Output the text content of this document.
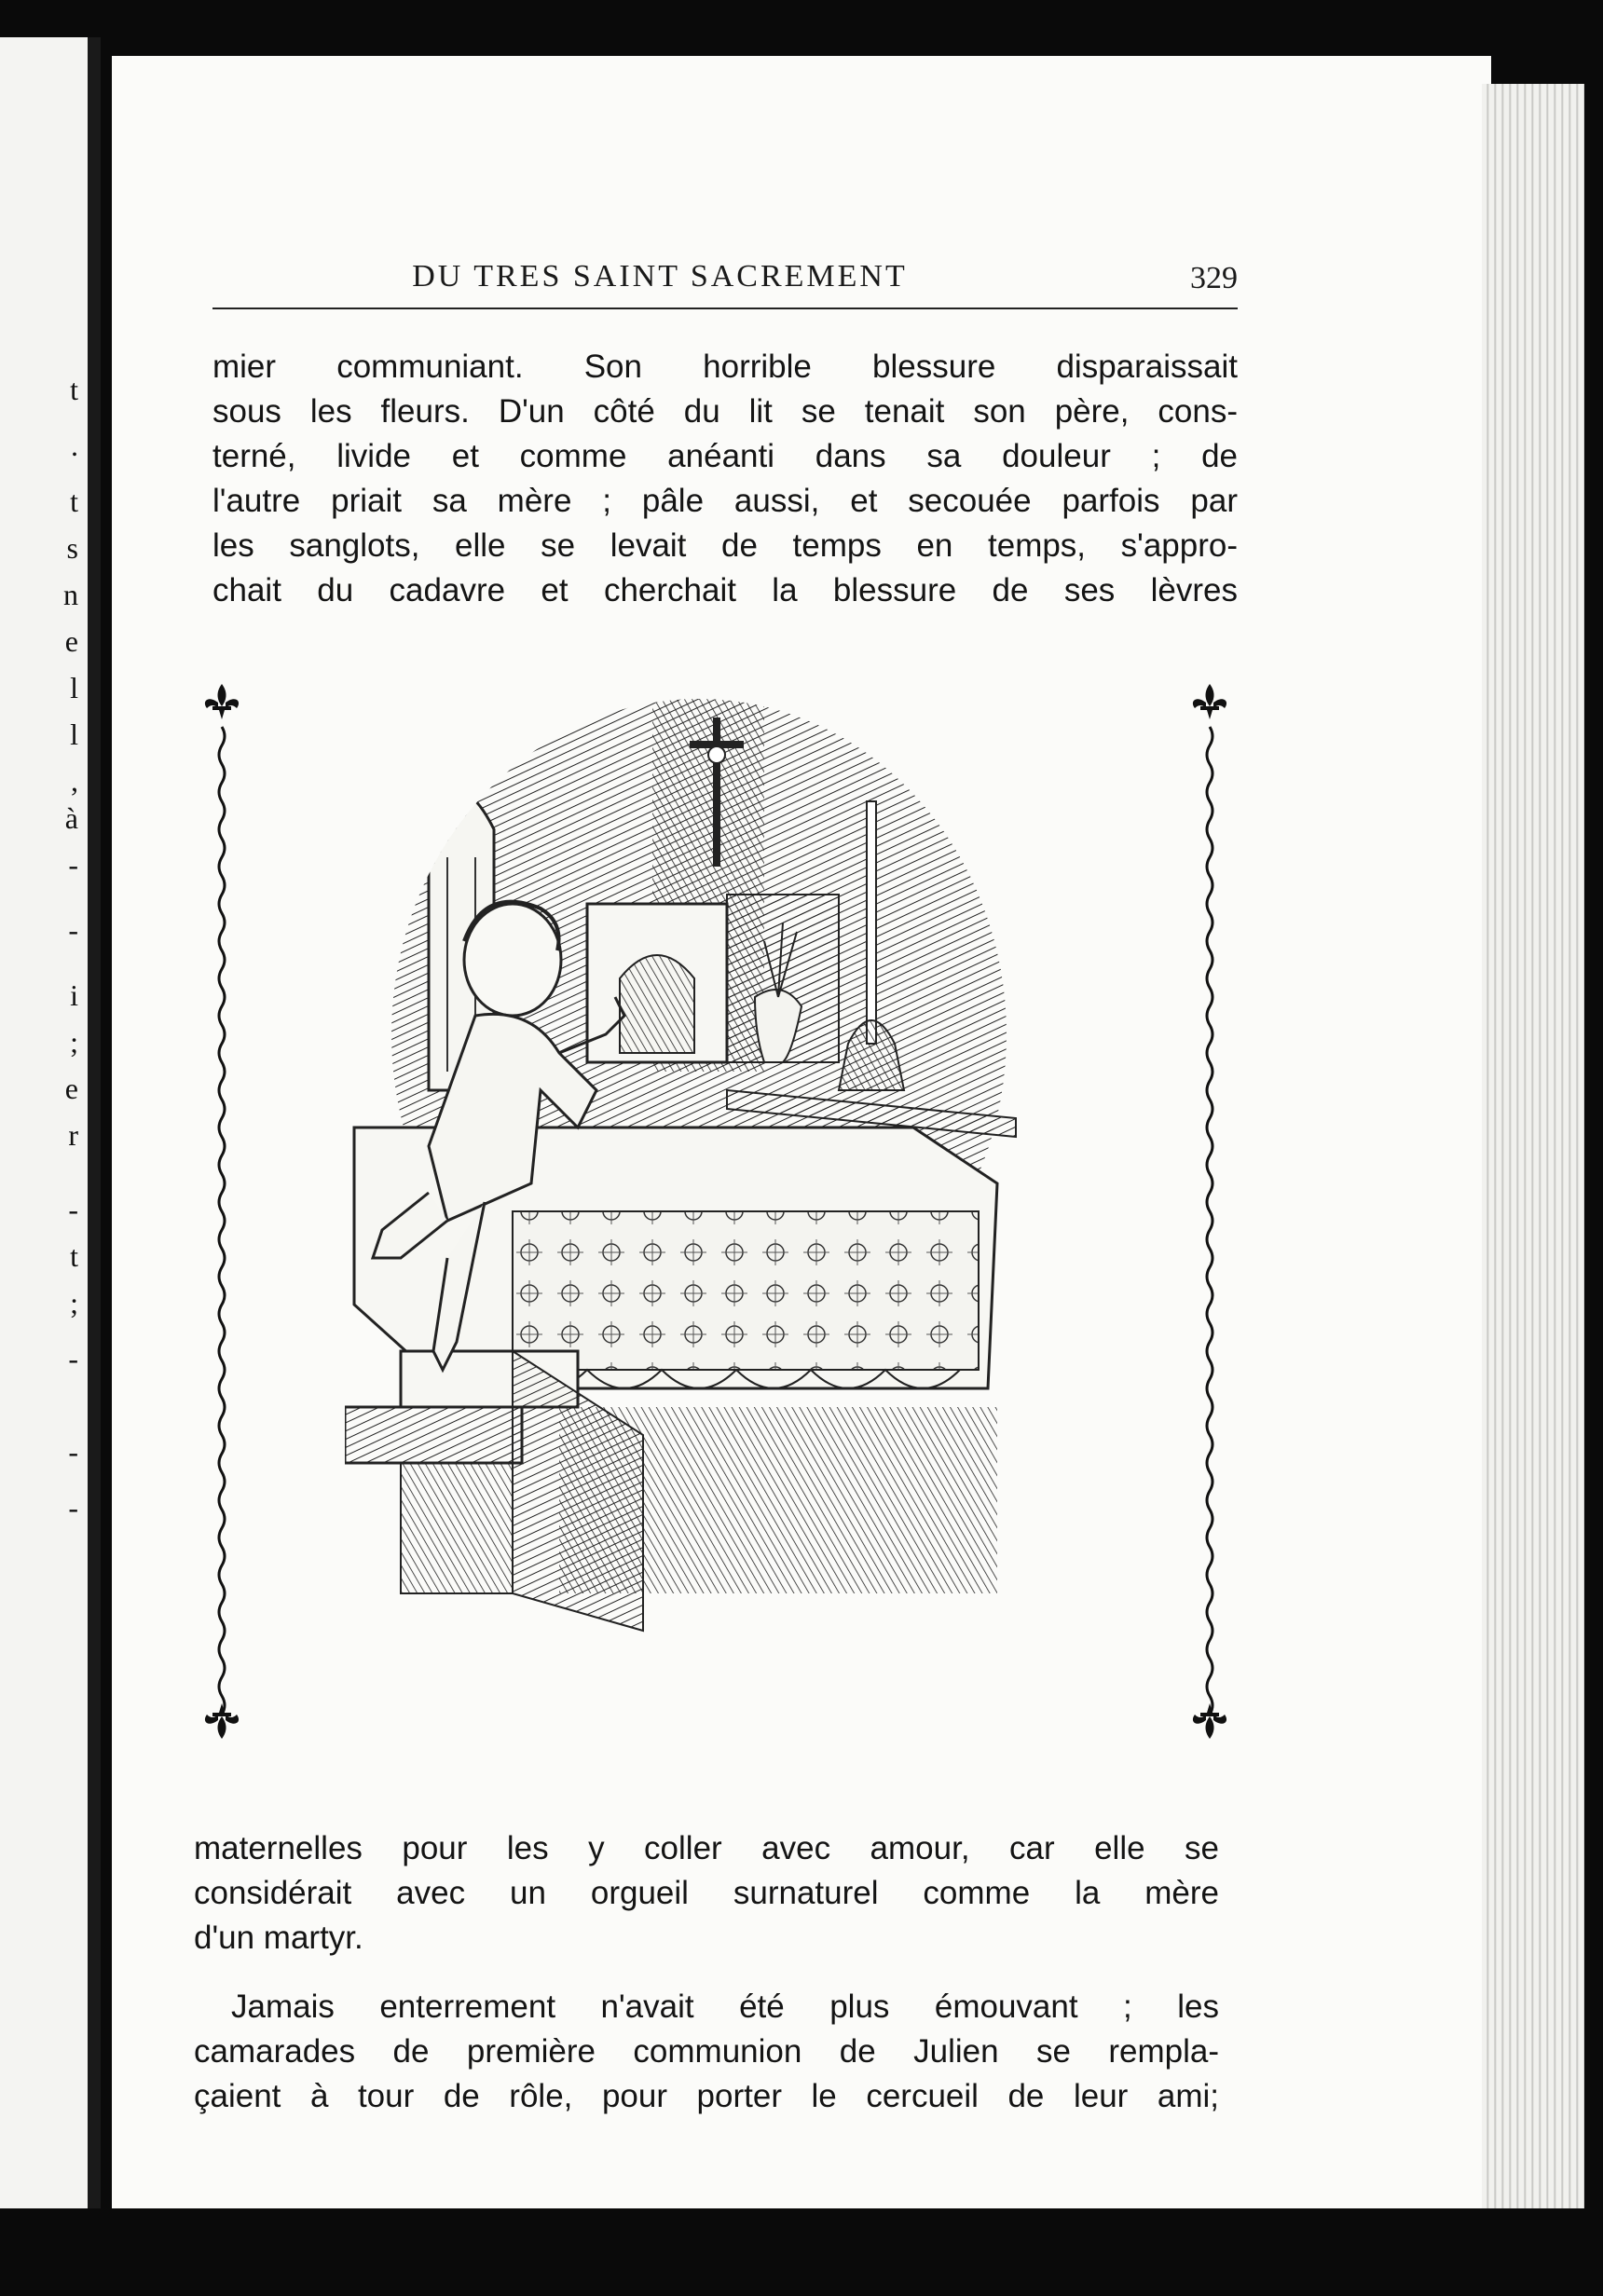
t
.
t
s
n
e
l
l
,
à
-
-
i
;
e
r
-
t
;
-
-
-
DU TRES SAINT SACREMENT	329

mier communiant. Son horrible blessure disparaissait
sous les fleurs. D'un côté du lit se tenait son père, cons-
terné, livide et comme anéanti dans sa douleur ; de
l'autre priait sa mère ; pâle aussi, et secouée parfois par
les sanglots, elle se levait de temps en temps, s'appro-
chait du cadavre et cherchait la blessure de ses lèvres

maternelles pour les y coller avec amour, car elle se
considérait avec un orgueil surnaturel comme la mère
d'un martyr.

Jamais enterrement n'avait été plus émouvant ; les
camarades de première communion de Julien se rempla-
çaient à tour de rôle, pour porter le cercueil de leur ami;
